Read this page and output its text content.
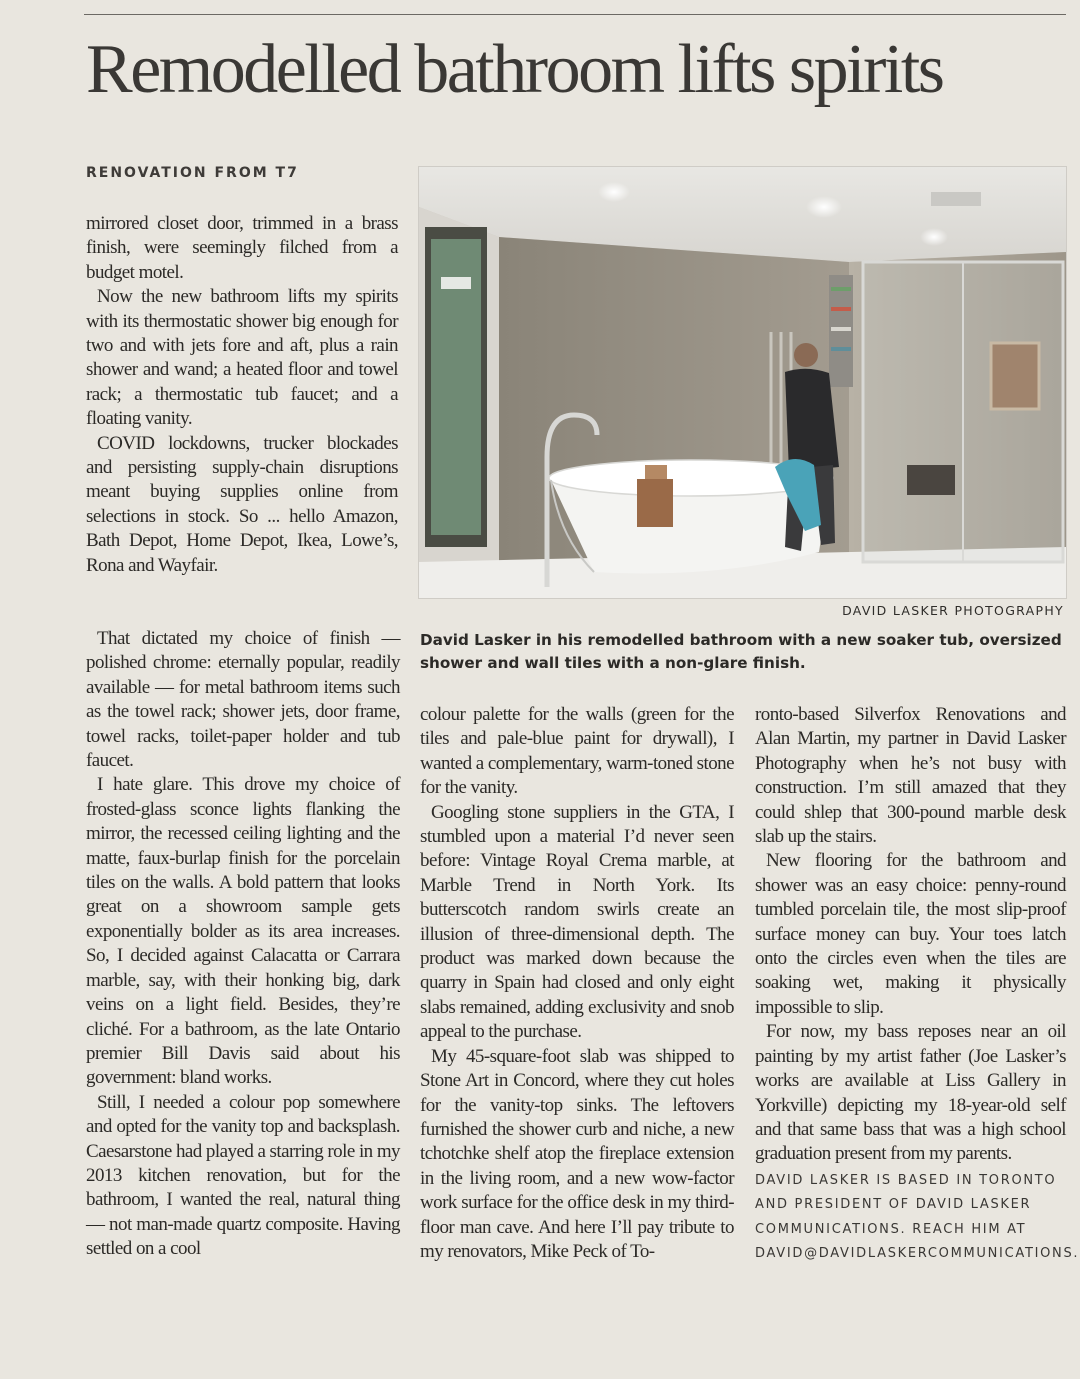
Remodelled bathroom lifts spirits
RENOVATION FROM T7

mirrored closet door, trimmed in a brass finish, were seemingly filched from a budget motel.

Now the new bathroom lifts my spirits with its thermostatic shower big enough for two and with jets fore and aft, plus a rain shower and wand; a heated floor and towel rack; a thermostatic tub faucet; and a floating vanity.

COVID lockdowns, trucker blockades and persisting supply-chain disruptions meant buying supplies online from selections in stock. So ... hello Amazon, Bath Depot, Home Depot, Ikea, Lowe’s, Rona and Wayfair.

DAVID LASKER PHOTOGRAPHY
David Lasker in his remodelled bathroom with a new soaker tub, oversized shower and wall tiles with a non-glare finish.

That dictated my choice of finish — polished chrome: eternally popular, readily available — for metal bathroom items such as the towel rack; shower jets, door frame, towel racks, toilet-paper holder and tub faucet.

I hate glare. This drove my choice of frosted-glass sconce lights flanking the mirror, the recessed ceiling lighting and the matte, faux-burlap finish for the porcelain tiles on the walls. A bold pattern that looks great on a showroom sample gets exponentially bolder as its area increases. So, I decided against Calacatta or Carrara marble, say, with their honking big, dark veins on a light field. Besides, they’re cliché. For a bathroom, as the late Ontario premier Bill Davis said about his government: bland works.

Still, I needed a colour pop somewhere and opted for the vanity top and backsplash. Caesarstone had played a starring role in my 2013 kitchen renovation, but for the bathroom, I wanted the real, natural thing — not man-made quartz composite. Having settled on a cool

colour palette for the walls (green for the tiles and pale-blue paint for drywall), I wanted a complementary, warm-toned stone for the vanity.

Googling stone suppliers in the GTA, I stumbled upon a material I’d never seen before: Vintage Royal Crema marble, at Marble Trend in North York. Its butterscotch random swirls create an illusion of three-dimensional depth. The product was marked down because the quarry in Spain had closed and only eight slabs remained, adding exclusivity and snob appeal to the purchase.

My 45-square-foot slab was shipped to Stone Art in Concord, where they cut holes for the vanity-top sinks. The leftovers furnished the shower curb and niche, a new tchotchke shelf atop the fireplace extension in the living room, and a new wow-factor work surface for the office desk in my third-floor man cave. And here I’ll pay tribute to my renovators, Mike Peck of To-

ronto-based Silverfox Renovations and Alan Martin, my partner in David Lasker Photography when he’s not busy with construction. I’m still amazed that they could shlep that 300-pound marble desk slab up the stairs.

New flooring for the bathroom and shower was an easy choice: penny-round tumbled porcelain tile, the most slip-proof surface money can buy. Your toes latch onto the circles even when the tiles are soaking wet, making it physically impossible to slip.

For now, my bass reposes near an oil painting by my artist father (Joe Lasker’s works are available at Liss Gallery in Yorkville) depicting my 18-year-old self and that same bass that was a high school graduation present from my parents.

DAVID LASKER IS BASED IN TORONTO AND PRESIDENT OF DAVID LASKER COMMUNICATIONS. REACH HIM AT DAVID@DAVIDLASKERCOMMUNICATIONS.
